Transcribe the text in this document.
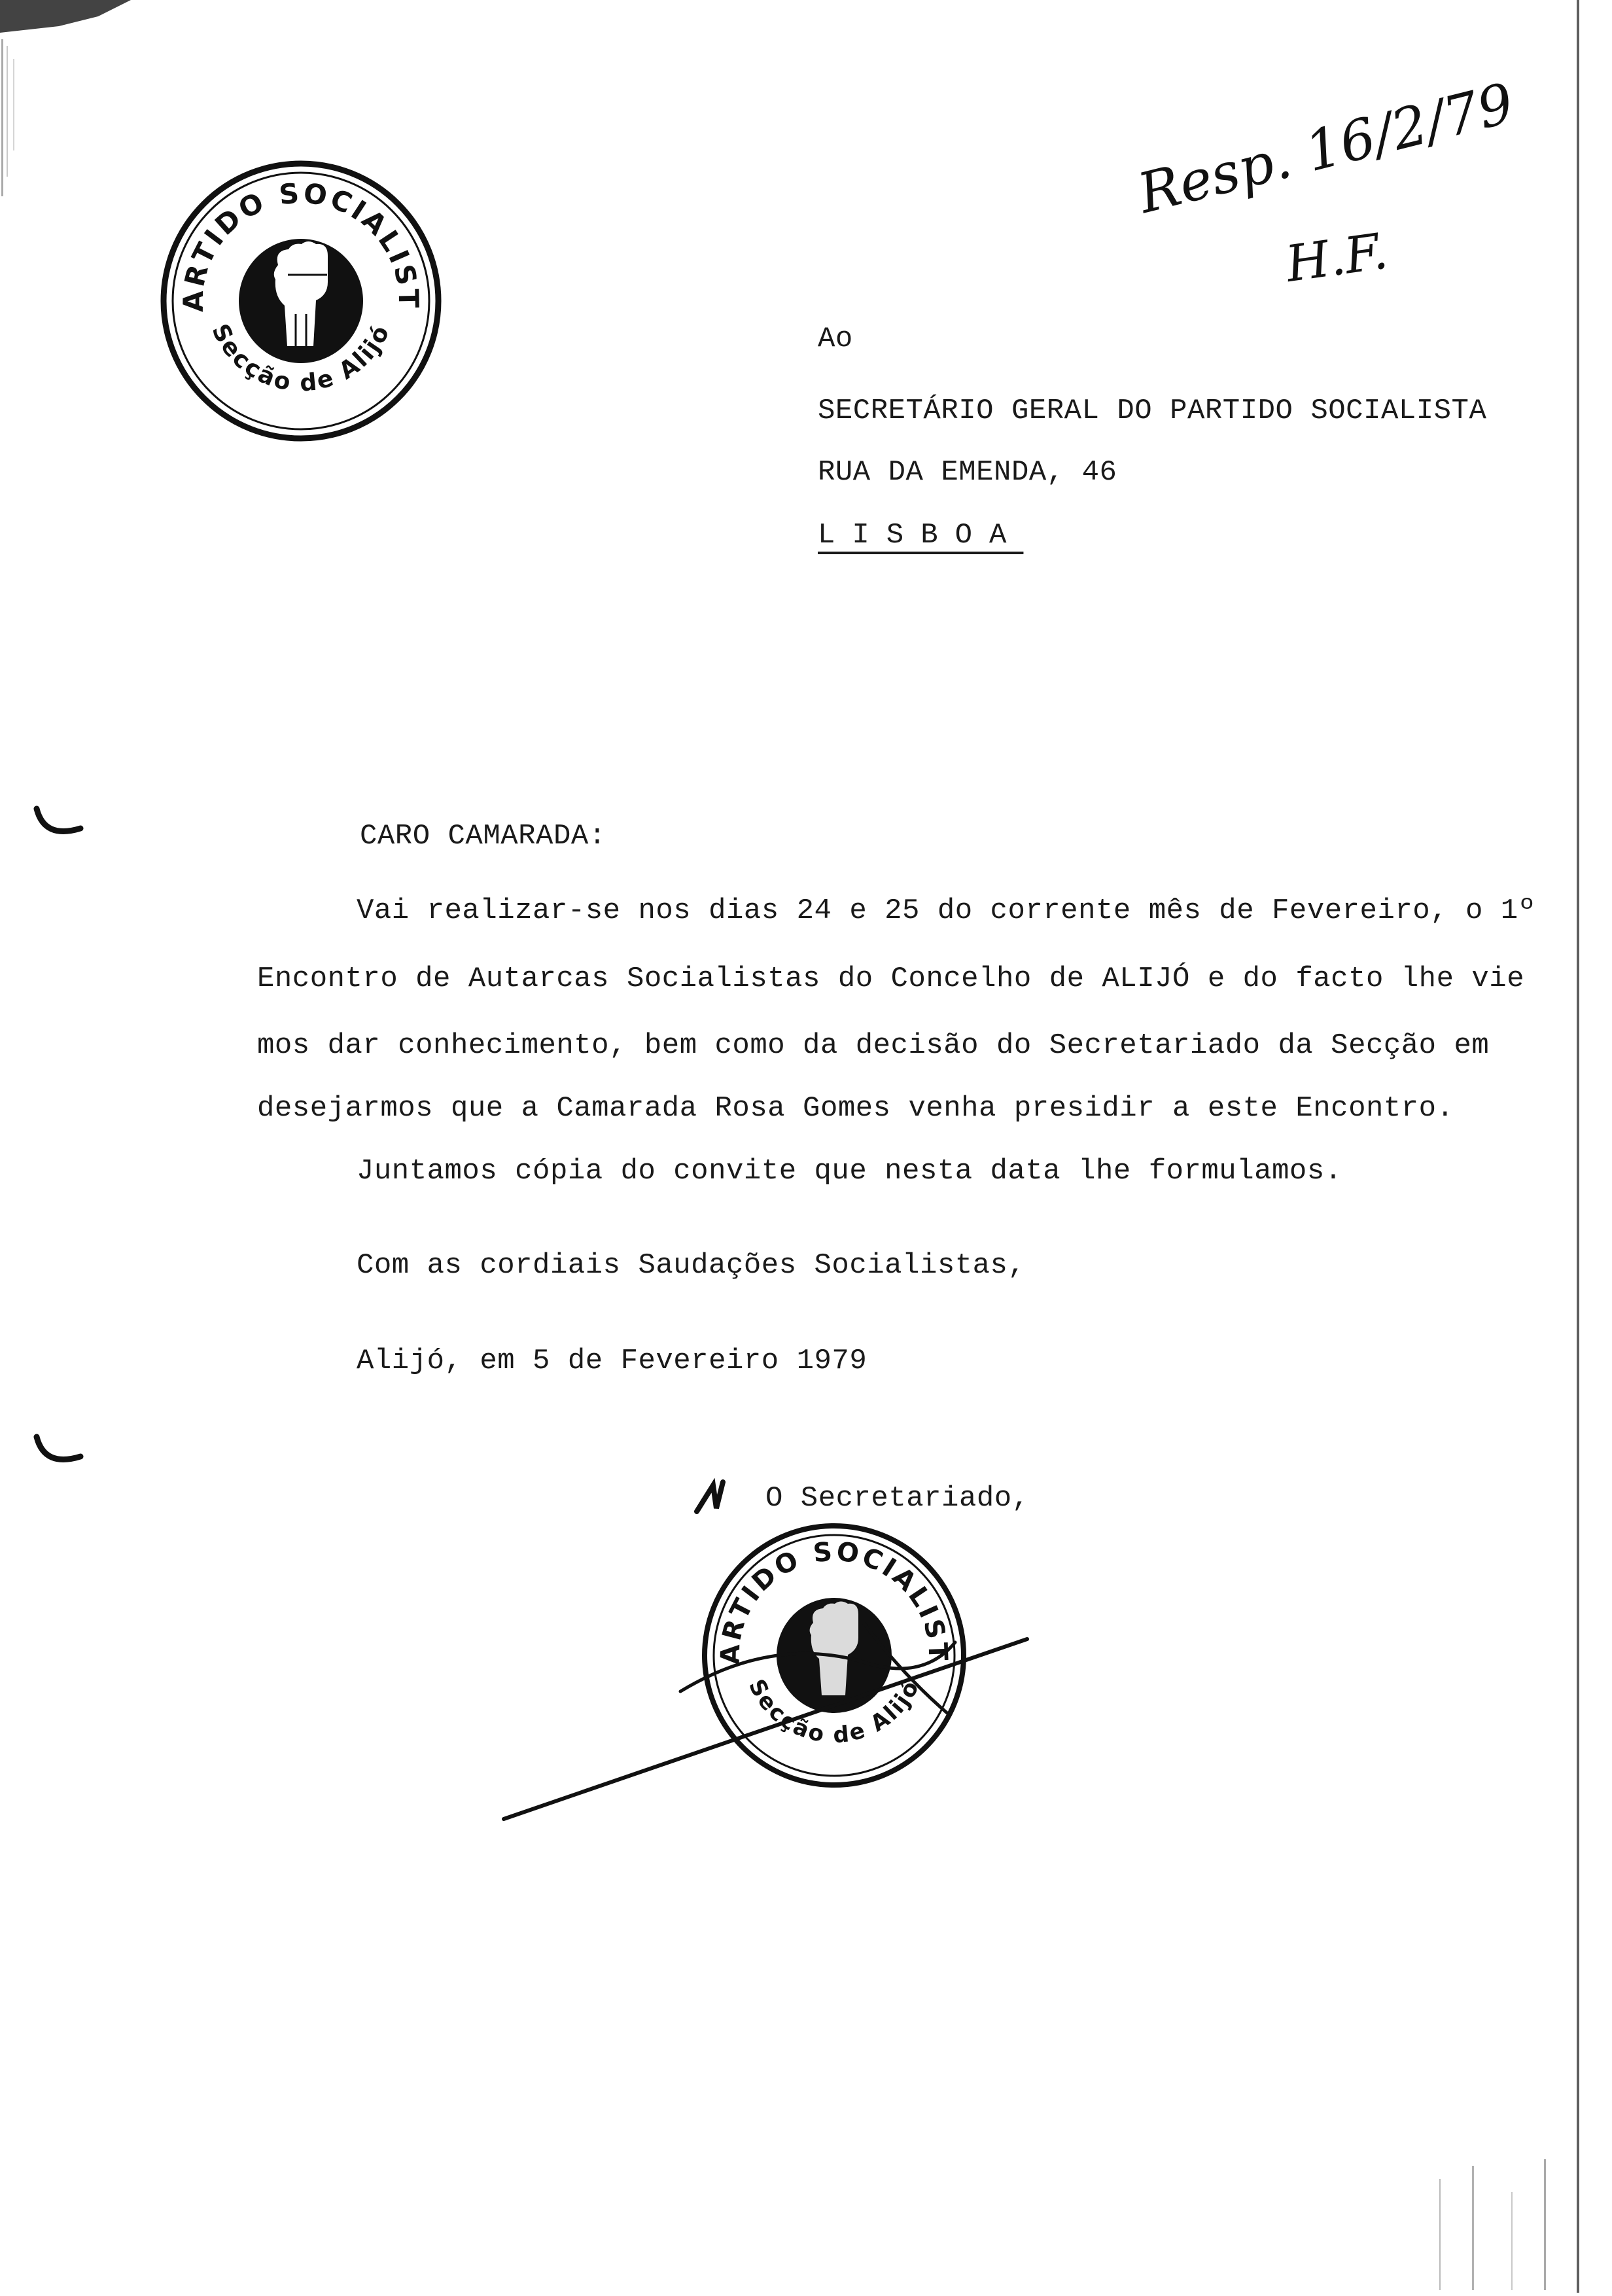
ARTIDO SOCIALIST
Secção de Alijó
Resp. 16/2/79
H.F.
Ao
SECRETÁRIO GERAL DO PARTIDO SOCIALISTA
RUA DA EMENDA, 46
LISBOA
CARO CAMARADA:
Vai realizar-se nos dias 24 e 25 do corrente mês de Fevereiro, o 1º
Encontro de Autarcas Socialistas do Concelho de ALIJÓ e do facto lhe vie
mos dar conhecimento, bem como da decisão do Secretariado da Secção em
desejarmos que a Camarada Rosa Gomes venha presidir a este Encontro.
Juntamos cópia do convite que nesta data lhe formulamos.
Com as cordiais Saudações Socialistas,
Alijó, em 5 de Fevereiro 1979
O Secretariado,
ARTIDO SOCIALIST
Secção de Alijó
